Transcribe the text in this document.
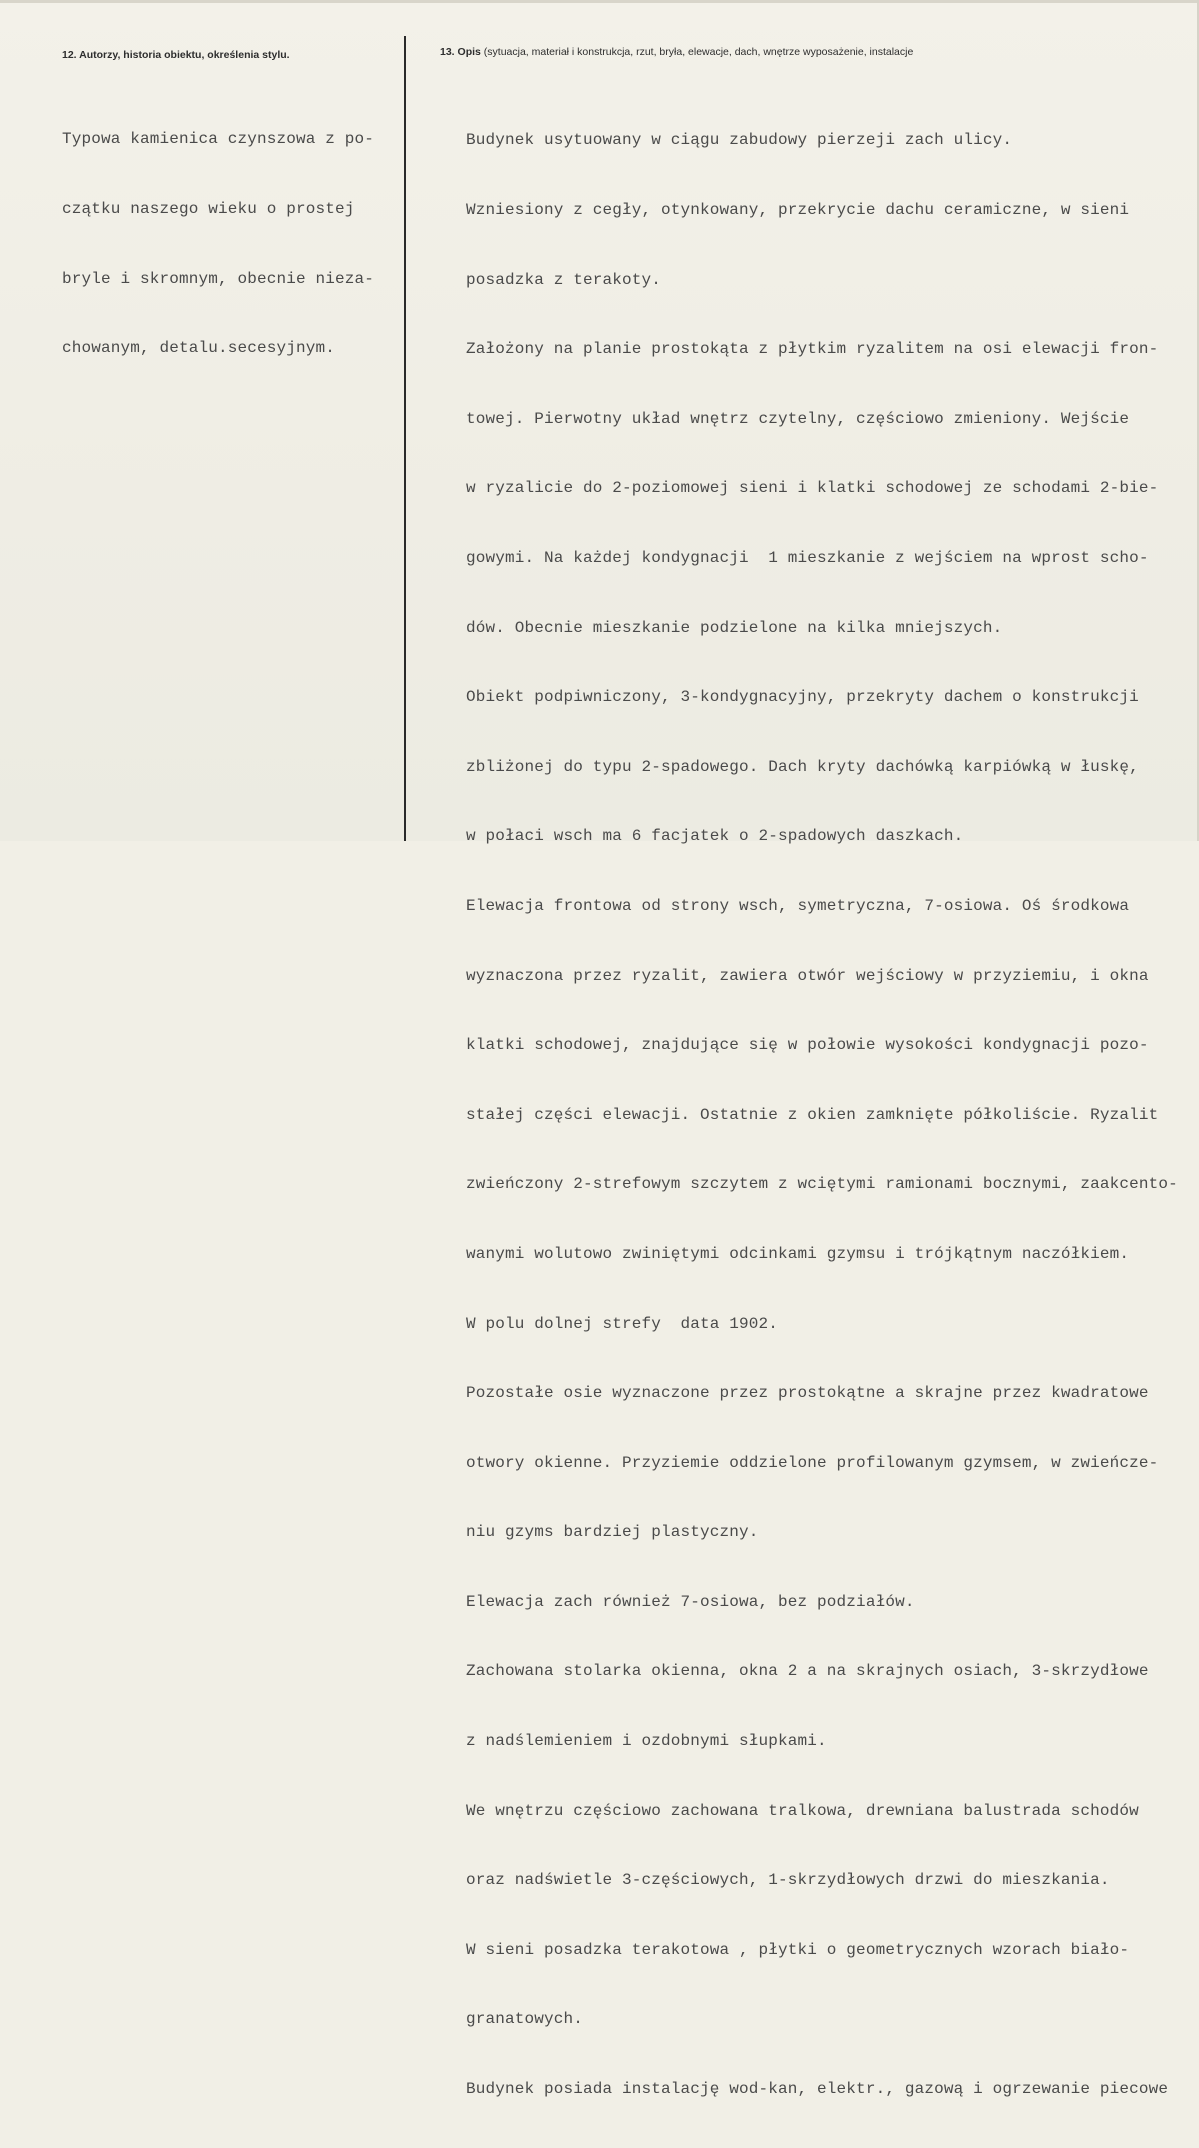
12. Autorzy, historia obiektu, określenia stylu.	13. Opis (sytuacja, materiał i konstrukcja, rzut, bryła, elewacje, dach, wnętrze wyposażenie, instalacje

Typowa kamienica czynszowa z po-

czątku naszego wieku o prostej

bryle i skromnym, obecnie nieza-

chowanym, detalu.secesyjnym.

Budynek usytuowany w ciągu zabudowy pierzeji zach ulicy.

Wzniesiony z cegły, otynkowany, przekrycie dachu ceramiczne, w sieni

posadzka z terakoty.

Założony na planie prostokąta z płytkim ryzalitem na osi elewacji fron-

towej. Pierwotny układ wnętrz czytelny, częściowo zmieniony. Wejście

w ryzalicie do 2-poziomowej sieni i klatki schodowej ze schodami 2-bie-

gowymi. Na każdej kondygnacji  1 mieszkanie z wejściem na wprost scho-

dów. Obecnie mieszkanie podzielone na kilka mniejszych.

Obiekt podpiwniczony, 3-kondygnacyjny, przekryty dachem o konstrukcji

zbliżonej do typu 2-spadowego. Dach kryty dachówką karpiówką w łuskę,

w połaci wsch ma 6 facjatek o 2-spadowych daszkach.

Elewacja frontowa od strony wsch, symetryczna, 7-osiowa. Oś środkowa

wyznaczona przez ryzalit, zawiera otwór wejściowy w przyziemiu, i okna

klatki schodowej, znajdujące się w połowie wysokości kondygnacji pozo-

stałej części elewacji. Ostatnie z okien zamknięte półkoliście. Ryzalit

zwieńczony 2-strefowym szczytem z wciętymi ramionami bocznymi, zaakcento-

wanymi wolutowo zwiniętymi odcinkami gzymsu i trójkątnym naczółkiem.

W polu dolnej strefy  data 1902.

Pozostałe osie wyznaczone przez prostokątne a skrajne przez kwadratowe

otwory okienne. Przyziemie oddzielone profilowanym gzymsem, w zwieńcze-

niu gzyms bardziej plastyczny.

Elewacja zach również 7-osiowa, bez podziałów.

Zachowana stolarka okienna, okna 2 a na skrajnych osiach, 3-skrzydłowe

z nadślemieniem i ozdobnymi słupkami.

We wnętrzu częściowo zachowana tralkowa, drewniana balustrada schodów

oraz nadświetle 3-częściowych, 1-skrzydłowych drzwi do mieszkania.

W sieni posadzka terakotowa , płytki o geometrycznych wzorach biało-

granatowych.

Budynek posiada instalację wod-kan, elektr., gazową i ogrzewanie piecowe
